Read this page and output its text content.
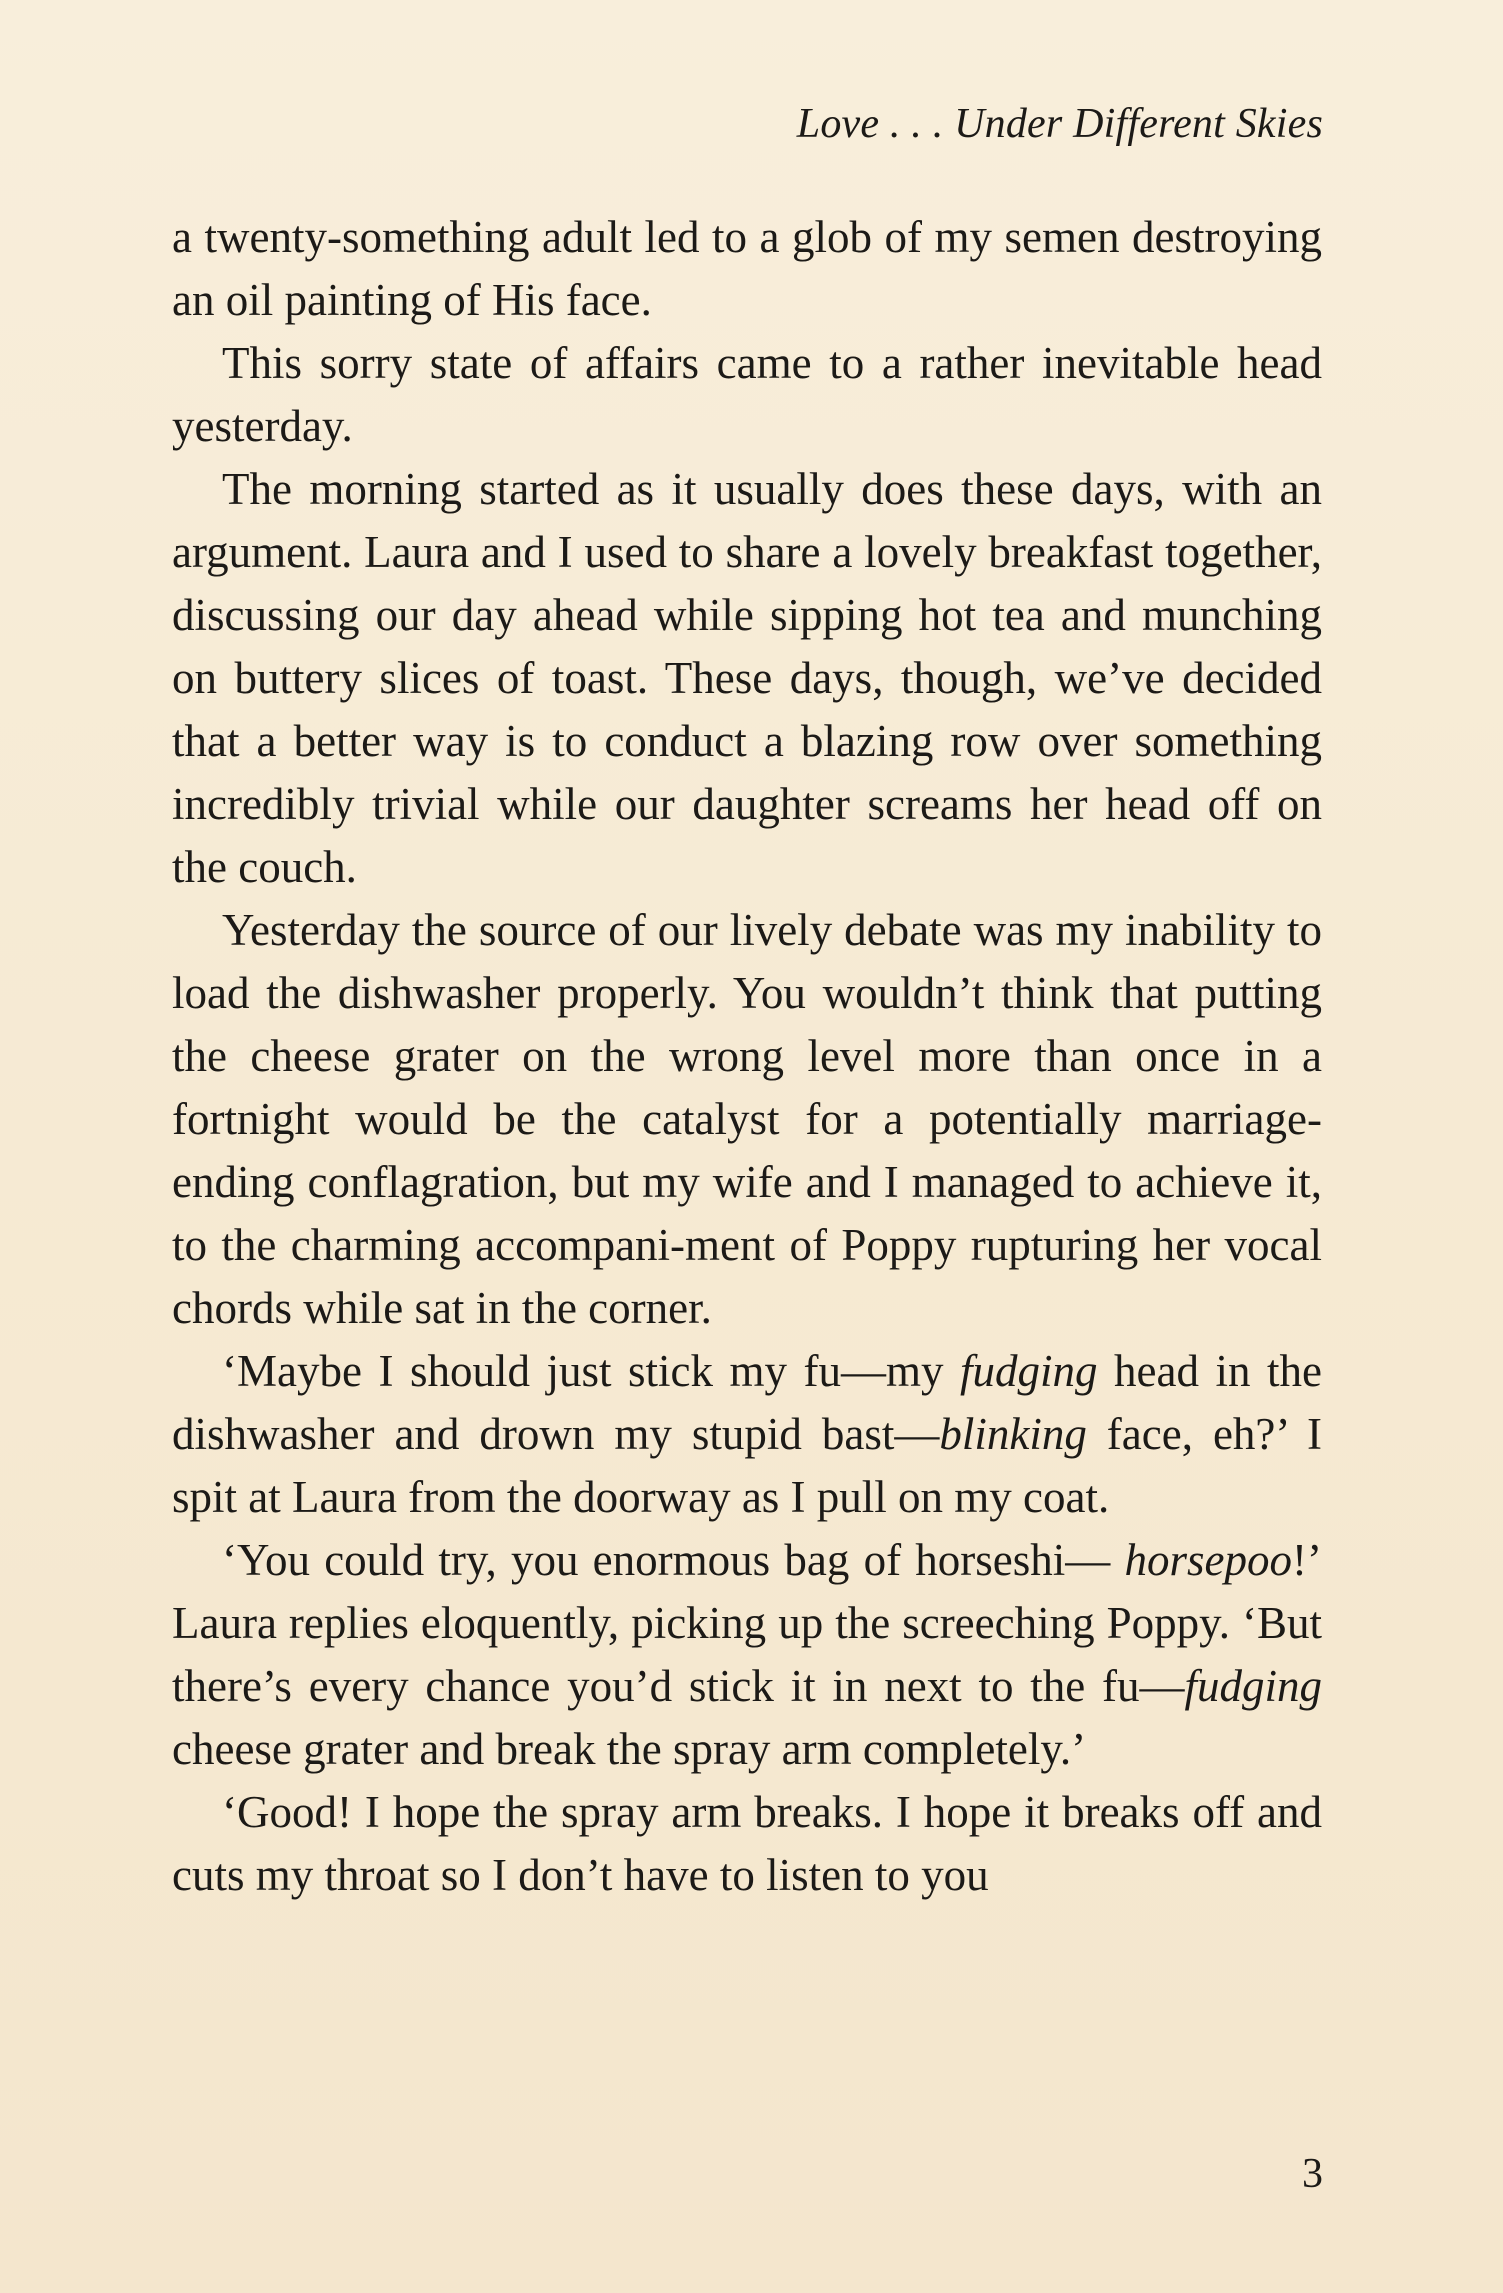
Love . . . Under Different Skies

a twenty-something adult led to a glob of my semen destroying an oil painting of His face.

This sorry state of affairs came to a rather inevitable head yesterday.

The morning started as it usually does these days, with an argument. Laura and I used to share a lovely breakfast together, discussing our day ahead while sipping hot tea and munching on buttery slices of toast. These days, though, we’ve decided that a better way is to conduct a blazing row over something incredibly trivial while our daughter screams her head off on the couch.

Yesterday the source of our lively debate was my inability to load the dishwasher properly. You wouldn’t think that putting the cheese grater on the wrong level more than once in a fortnight would be the catalyst for a potentially marriage-ending conflagration, but my wife and I managed to achieve it, to the charming accompani-ment of Poppy rupturing her vocal chords while sat in the corner.

‘Maybe I should just stick my fu—my fudging head in the dishwasher and drown my stupid bast—blinking face, eh?’ I spit at Laura from the doorway as I pull on my coat.

‘You could try, you enormous bag of horseshi— horsepoo!’ Laura replies eloquently, picking up the screeching Poppy. ‘But there’s every chance you’d stick it in next to the fu—fudging cheese grater and break the spray arm completely.’

‘Good! I hope the spray arm breaks. I hope it breaks off and cuts my throat so I don’t have to listen to you

3
